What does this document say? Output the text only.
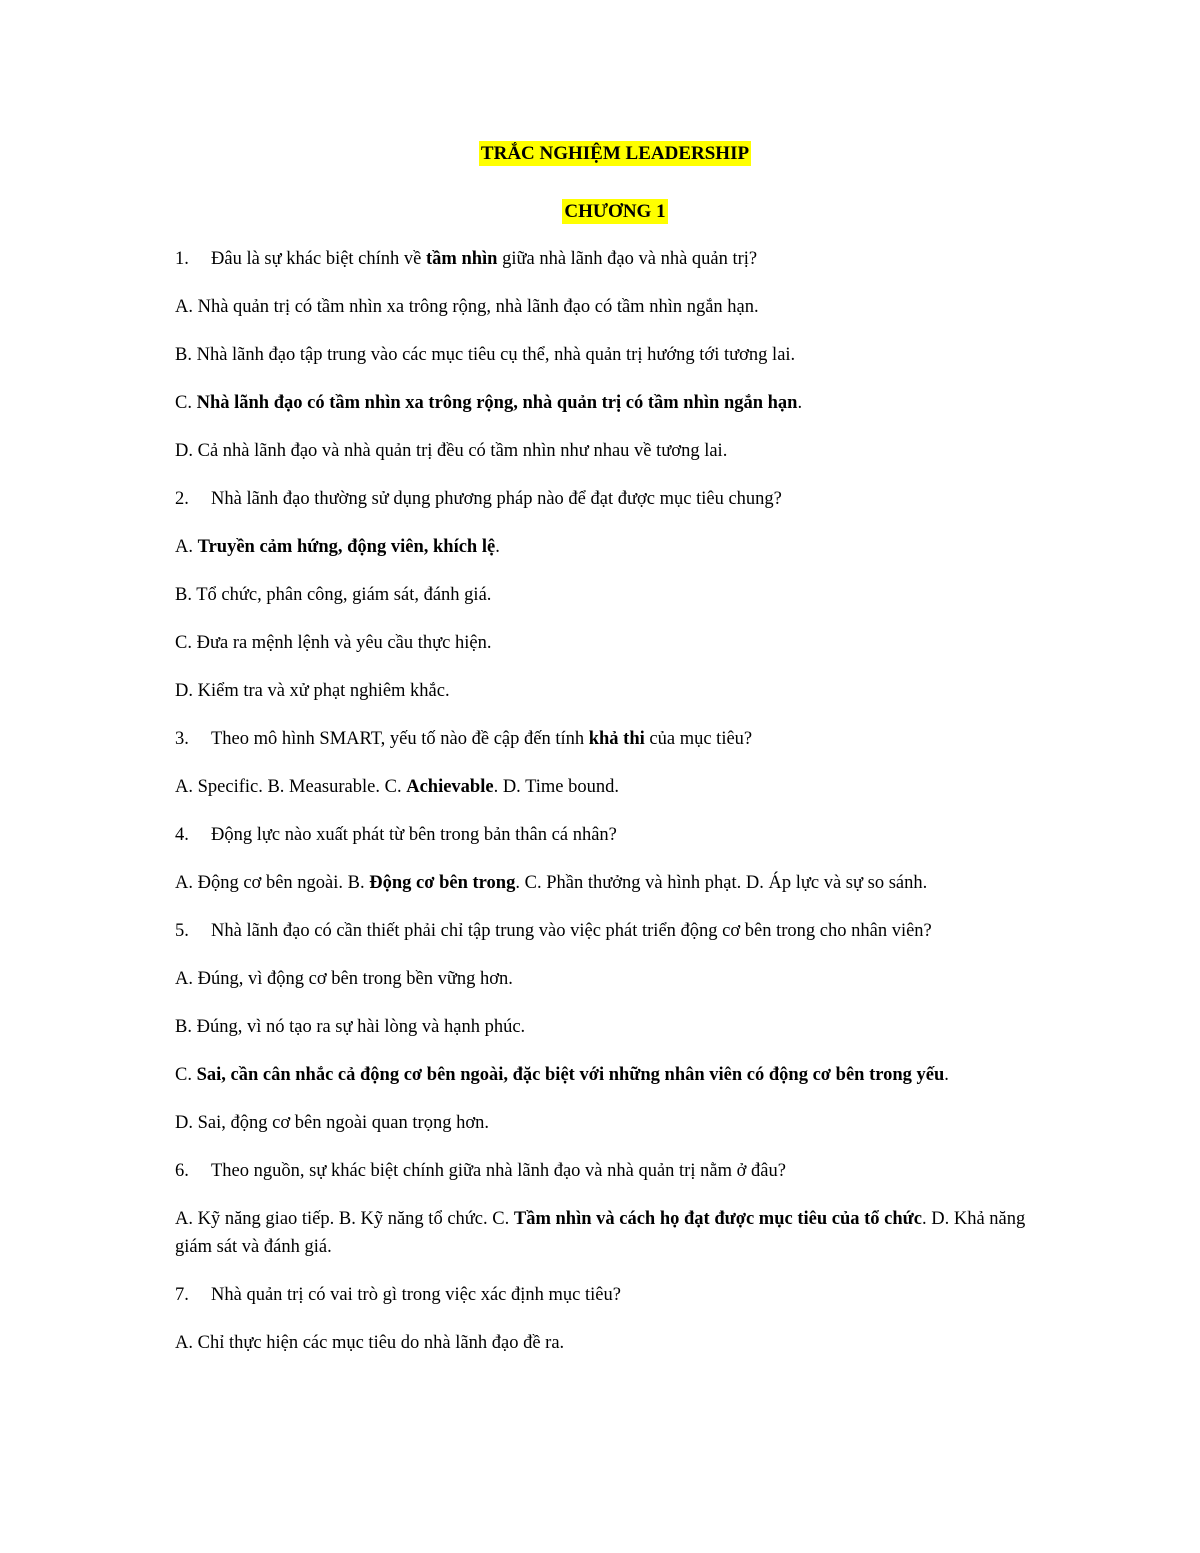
TRẮC NGHIỆM LEADERSHIP
CHƯƠNG 1

1.	Đâu là sự khác biệt chính về tầm nhìn giữa nhà lãnh đạo và nhà quản trị?

A. Nhà quản trị có tầm nhìn xa trông rộng, nhà lãnh đạo có tầm nhìn ngắn hạn.

B. Nhà lãnh đạo tập trung vào các mục tiêu cụ thể, nhà quản trị hướng tới tương lai.

C. Nhà lãnh đạo có tầm nhìn xa trông rộng, nhà quản trị có tầm nhìn ngắn hạn.

D. Cả nhà lãnh đạo và nhà quản trị đều có tầm nhìn như nhau về tương lai.

2.	Nhà lãnh đạo thường sử dụng phương pháp nào để đạt được mục tiêu chung?

A. Truyền cảm hứng, động viên, khích lệ.

B. Tổ chức, phân công, giám sát, đánh giá.

C. Đưa ra mệnh lệnh và yêu cầu thực hiện.

D. Kiểm tra và xử phạt nghiêm khắc.

3.	Theo mô hình SMART, yếu tố nào đề cập đến tính khả thi của mục tiêu?

A. Specific. B. Measurable. C. Achievable. D. Time bound.

4.	Động lực nào xuất phát từ bên trong bản thân cá nhân?

A. Động cơ bên ngoài. B. Động cơ bên trong. C. Phần thưởng và hình phạt. D. Áp lực và sự so sánh.

5.	Nhà lãnh đạo có cần thiết phải chỉ tập trung vào việc phát triển động cơ bên trong cho nhân viên?

A. Đúng, vì động cơ bên trong bền vững hơn.

B. Đúng, vì nó tạo ra sự hài lòng và hạnh phúc.

C. Sai, cần cân nhắc cả động cơ bên ngoài, đặc biệt với những nhân viên có động cơ bên trong yếu.

D. Sai, động cơ bên ngoài quan trọng hơn.

6.	Theo nguồn, sự khác biệt chính giữa nhà lãnh đạo và nhà quản trị nằm ở đâu?

A. Kỹ năng giao tiếp. B. Kỹ năng tổ chức. C. Tầm nhìn và cách họ đạt được mục tiêu của tổ chức. D. Khả năng giám sát và đánh giá.

7.	Nhà quản trị có vai trò gì trong việc xác định mục tiêu?

A. Chỉ thực hiện các mục tiêu do nhà lãnh đạo đề ra.
